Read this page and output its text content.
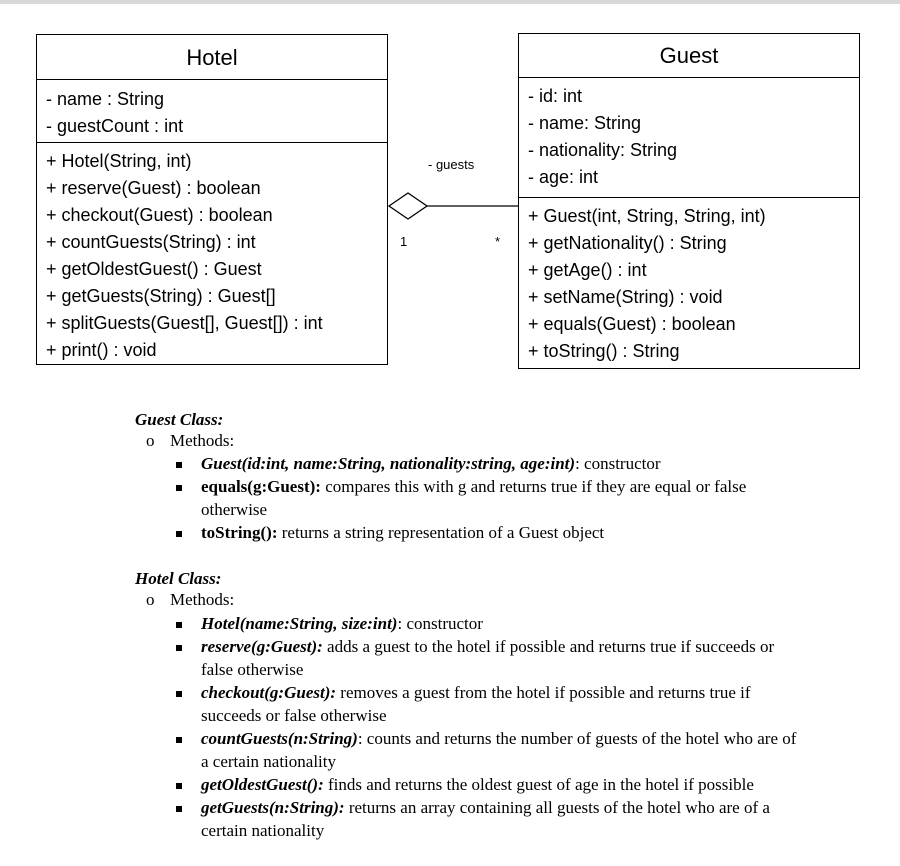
Hotel
- name : String
- guestCount : int
+ Hotel(String, int)
+ reserve(Guest) : boolean
+ checkout(Guest) : boolean
+ countGuests(String) : int
+ getOldestGuest() : Guest
+ getGuests(String) : Guest[]
+ splitGuests(Guest[], Guest[]) : int
+ print() : void
Guest
- id: int
- name: String
- nationality: String
- age: int
+ Guest(int, String, String, int)
+ getNationality() : String
+ getAge() : int
+ setName(String) : void
+ equals(Guest) : boolean
+ toString() : String
- guests
1	*
Guest Class:
o Methods:
Guest(id:int, name:String, nationality:string, age:int): constructor
equals(g:Guest): compares this with g and returns true if they are equal or false otherwise
toString(): returns a string representation of a Guest object
Hotel Class:
o Methods:
Hotel(name:String, size:int): constructor
reserve(g:Guest): adds a guest to the hotel if possible and returns true if succeeds or false otherwise
checkout(g:Guest): removes a guest from the hotel if possible and returns true if succeeds or false otherwise
countGuests(n:String): counts and returns the number of guests of the hotel who are of a certain nationality
getOldestGuest(): finds and returns the oldest guest of age in the hotel if possible
getGuests(n:String): returns an array containing all guests of the hotel who are of a certain nationality
